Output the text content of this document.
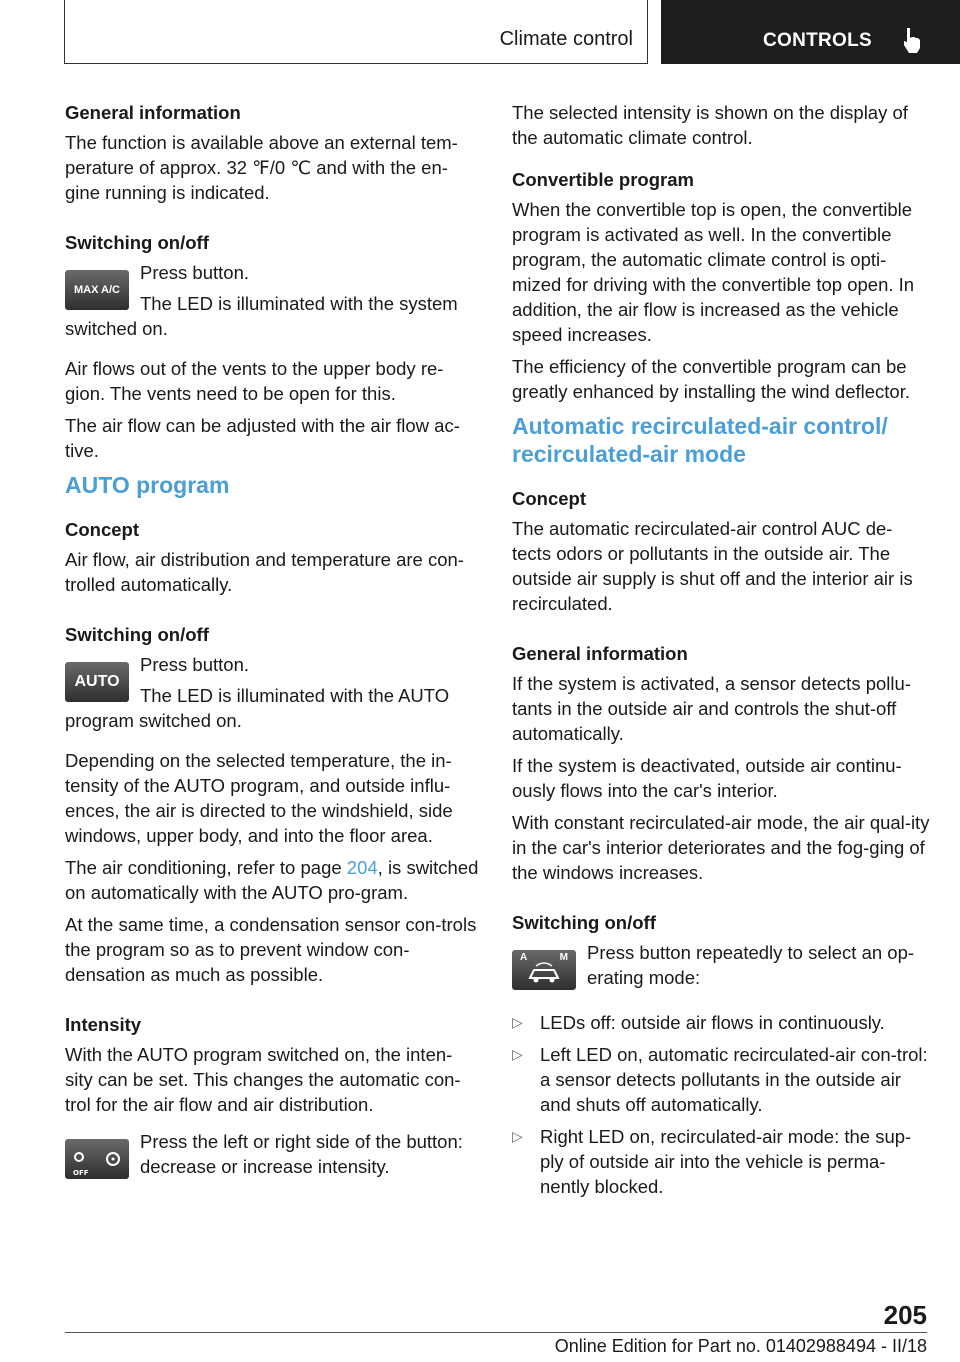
Climate control	CONTROLS

General information

The function is available above an external tem‐perature of approx. 32 ℉/0 ℃ and with the en‐gine running is indicated.

Switching on/off

MAX A/C

Press button.

The LED is illuminated with the system switched on.

Air flows out of the vents to the upper body re‐gion. The vents need to be open for this.

The air flow can be adjusted with the air flow ac‐tive.

AUTO program

Concept

Air flow, air distribution and temperature are con‐trolled automatically.

Switching on/off

AUTO

Press button.

The LED is illuminated with the AUTO program switched on.

Depending on the selected temperature, the in‐tensity of the AUTO program, and outside influ‐ences, the air is directed to the windshield, side windows, upper body, and into the floor area.

The air conditioning, refer to page 204, is switched on automatically with the AUTO pro‐gram.

At the same time, a condensation sensor con‐trols the program so as to prevent window con‐densation as much as possible.

Intensity

With the AUTO program switched on, the inten‐sity can be set. This changes the automatic con‐trol for the air flow and air distribution.

OFF

Press the left or right side of the button: decrease or increase intensity.

The selected intensity is shown on the display of the automatic climate control.

Convertible program

When the convertible top is open, the convertible program is activated as well. In the convertible program, the automatic climate control is opti‐mized for driving with the convertible top open. In addition, the air flow is increased as the vehicle speed increases.

The efficiency of the convertible program can be greatly enhanced by installing the wind deflector.

Automatic recirculated-air control/ recirculated-air mode

Concept

The automatic recirculated-air control AUC de‐tects odors or pollutants in the outside air. The outside air supply is shut off and the interior air is recirculated.

General information

If the system is activated, a sensor detects pollu‐tants in the outside air and controls the shut-off automatically.

If the system is deactivated, outside air continu‐ously flows into the car's interior.

With constant recirculated-air mode, the air qual‐ity in the car's interior deteriorates and the fog‐ging of the windows increases.

Switching on/off

A	M	Press button repeatedly to select an op‐erating mode:

▷ LEDs off: outside air flows in continuously.
▷ Left LED on, automatic recirculated-air con‐trol: a sensor detects pollutants in the outside air and shuts off automatically.
▷ Right LED on, recirculated-air mode: the sup‐ply of outside air into the vehicle is perma‐nently blocked.
205
Online Edition for Part no. 01402988494 - II/18
